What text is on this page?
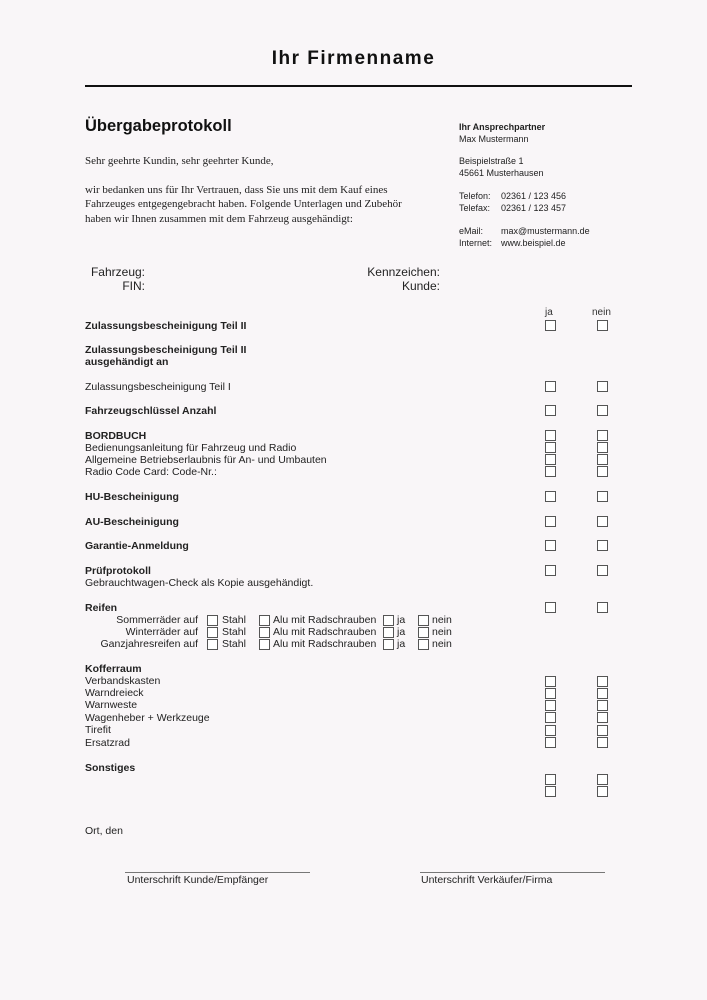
Ihr Firmenname
Übergabeprotokoll
Sehr geehrte Kundin, sehr geehrter Kunde,
wir bedanken uns für Ihr Vertrauen, dass Sie uns mit dem Kauf eines Fahrzeuges entgegengebracht haben. Folgende Unterlagen und Zubehör haben wir Ihnen zusammen mit dem Fahrzeug ausgehändigt:
Ihr Ansprechpartner
Max Mustermann
Beispielstraße 1
45661 Musterhausen
Telefon: 02361 / 123 456
Telefax: 02361 / 123 457
eMail: max@mustermann.de
Internet: www.beispiel.de
Fahrzeug:
FIN:
Kennzeichen:
Kunde:
ja	nein
Zulassungsbescheinigung Teil II
Zulassungsbescheinigung Teil II
ausgehändigt an
Zulassungsbescheinigung Teil I
Fahrzeugschlüssel Anzahl
BORDBUCH
Bedienungsanleitung für Fahrzeug und Radio
Allgemeine Betriebserlaubnis für An- und Umbauten
Radio Code Card: Code-Nr.:
HU-Bescheinigung
AU-Bescheinigung
Garantie-Anmeldung
Prüfprotokoll
Gebrauchtwagen-Check als Kopie ausgehändigt.
Reifen
Sommerräder auf Stahl	Alu mit Radschrauben ja	nein
Winterräder auf Stahl	Alu mit Radschrauben ja	nein
Ganzjahresreifen auf Stahl	Alu mit Radschrauben ja	nein
Kofferraum
Verbandskasten
Warndreieck
Warnweste
Wagenheber + Werkzeuge
Tirefit
Ersatzrad
Sonstiges
Ort, den
Unterschrift Kunde/Empfänger	Unterschrift Verkäufer/Firma
